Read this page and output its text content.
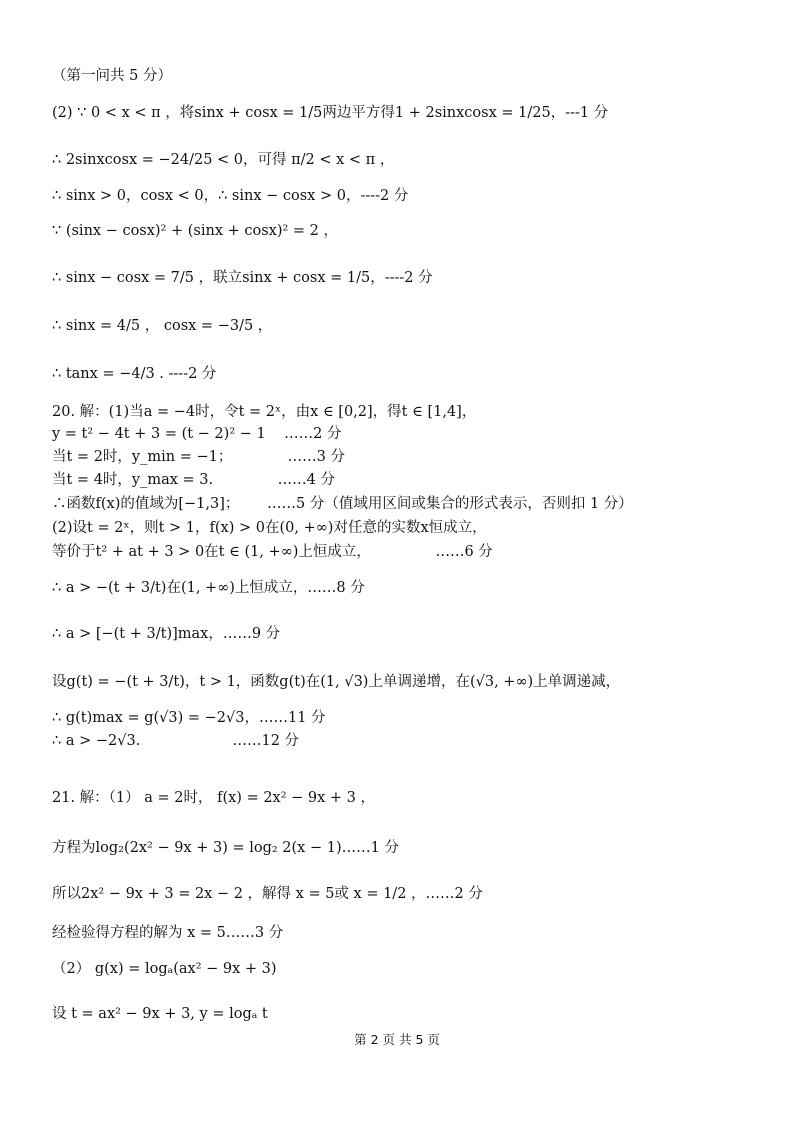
（第一问共 5 分）
(2) ∵ 0 < x < π ，将sinx + cosx = 1/5两边平方得1 + 2sinxcosx = 1/25，---1 分
∴ 2sinxcosx = −24/25 < 0，可得 π/2 < x < π ，
∴ sinx > 0，cosx < 0，∴ sinx − cosx > 0，----2 分
∵ (sinx − cosx)² + (sinx + cosx)² = 2 ，
∴ sinx − cosx = 7/5 ，联立sinx + cosx = 1/5，----2 分
∴ sinx = 4/5 ， cosx = −3/5 ，
∴ tanx = −4/3 . ----2 分
20. 解：(1)当a = −4时，令t = 2ˣ，由x ∈ [0,2]，得t ∈ [1,4]，
y = t² − 4t + 3 = (t − 2)² − 1    ……2 分
当t = 2时，y_min = −1；            ……3 分
当t = 4时，y_max = 3.              ……4 分
∴函数f(x)的值域为[−1,3]；      ……5 分（值域用区间或集合的形式表示，否则扣 1 分）
(2)设t = 2ˣ，则t > 1，f(x) > 0在(0, +∞)对任意的实数x恒成立，
等价于t² + at + 3 > 0在t ∈ (1, +∞)上恒成立，              ……6 分
∴ a > −(t + 3/t)在(1, +∞)上恒成立，……8 分
∴ a > [−(t + 3/t)]max，……9 分
设g(t) = −(t + 3/t)，t > 1，函数g(t)在(1, √3)上单调递增，在(√3, +∞)上单调递减，
∴ g(t)max = g(√3) = −2√3，……11 分
∴ a > −2√3.                    ……12 分
21. 解：（1） a = 2时， f(x) = 2x² − 9x + 3 ，
方程为log₂(2x² − 9x + 3) = log₂ 2(x − 1)……1 分
所以2x² − 9x + 3 = 2x − 2 ，解得 x = 5或 x = 1/2 ，……2 分
经检验得方程的解为 x = 5……3 分
（2） g(x) = logₐ(ax² − 9x + 3)
设 t = ax² − 9x + 3, y = logₐ t
第 2 页 共 5 页
